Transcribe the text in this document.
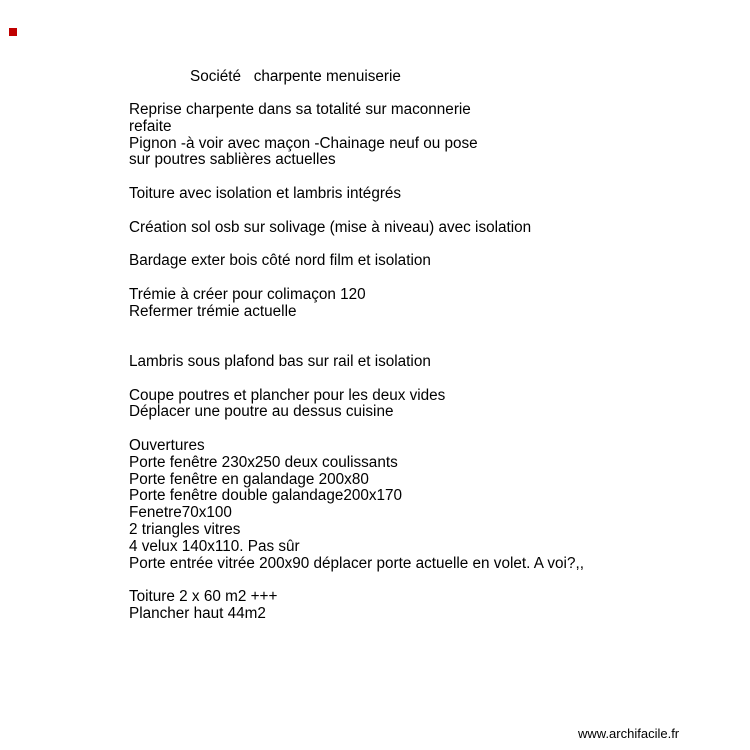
Société   charpente menuiserie
Reprise charpente dans sa totalité sur maconnerie
refaite
Pignon -à voir avec maçon -Chainage neuf ou pose
sur poutres sablières actuelles
Toiture avec isolation et lambris intégrés
Création sol osb sur solivage (mise à niveau) avec isolation
Bardage exter bois côté nord film et isolation
Trémie à créer pour colimaçon 120
Refermer trémie actuelle
Lambris sous plafond bas sur rail et isolation
Coupe poutres et plancher pour les deux vides
Déplacer une poutre au dessus cuisine
Ouvertures
Porte fenêtre 230x250 deux coulissants
Porte fenêtre en galandage 200x80
Porte fenêtre double galandage200x170
Fenetre70x100
2 triangles vitres
4 velux 140x110. Pas sûr
Porte entrée vitrée 200x90 déplacer porte actuelle en volet. A voi?,,
Toiture 2 x 60 m2 +++
Plancher haut 44m2
www.archifacile.fr
